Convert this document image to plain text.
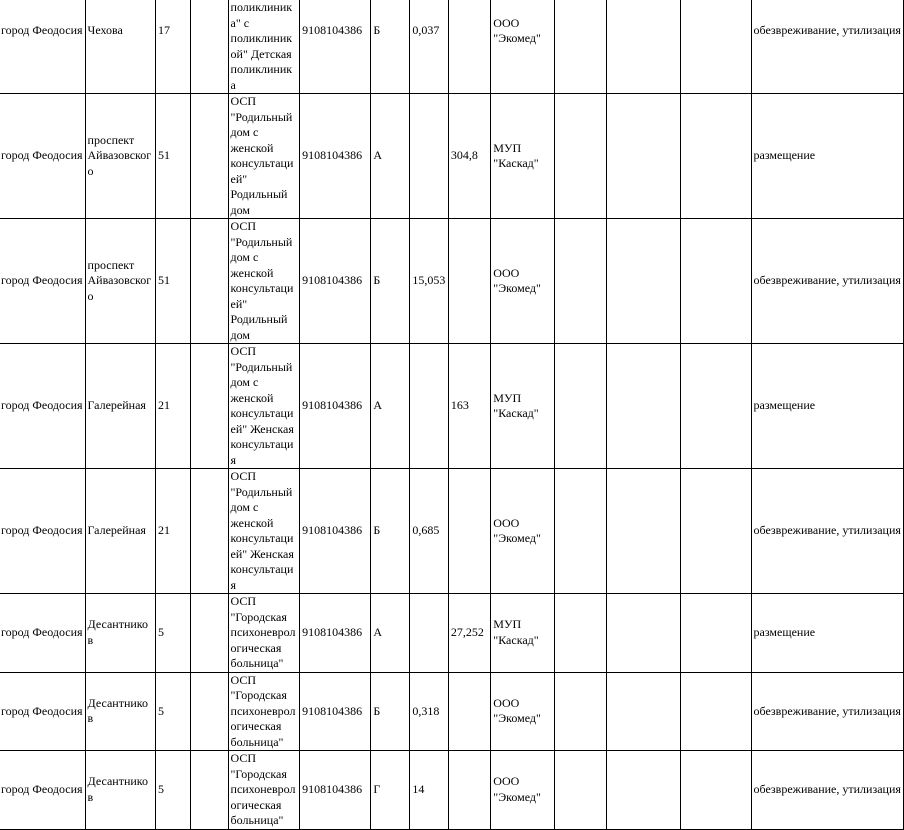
город Феодосия	Чехова	17		поликлиника" с поликлиникой" Детская поликлиника	9108104386	Б	0,037		ООО "Экомед"				обезвреживание, утилизация
город Феодосия	проспект Айвазовского	51		ОСП "Родильный дом с женской консультацией" Родильный дом	9108104386	А		304,8	МУП "Каскад"				размещение
город Феодосия	проспект Айвазовского	51		ОСП "Родильный дом с женской консультацией" Родильный дом	9108104386	Б	15,053		ООО "Экомед"				обезвреживание, утилизация
город Феодосия	Галерейная	21		ОСП "Родильный дом с женской консультацией" Женская консультация	9108104386	А		163	МУП "Каскад"				размещение
город Феодосия	Галерейная	21		ОСП "Родильный дом с женской консультацией" Женская консультация	9108104386	Б	0,685		ООО "Экомед"				обезвреживание, утилизация
город Феодосия	Десантников	5		ОСП "Городская психоневрологическая больница"	9108104386	А		27,252	МУП "Каскад"				размещение
город Феодосия	Десантников	5		ОСП "Городская психоневрологическая больница"	9108104386	Б	0,318		ООО "Экомед"				обезвреживание, утилизация
город Феодосия	Десантников	5		ОСП "Городская психоневрологическая больница"	9108104386	Г	14		ООО "Экомед"				обезвреживание, утилизация
